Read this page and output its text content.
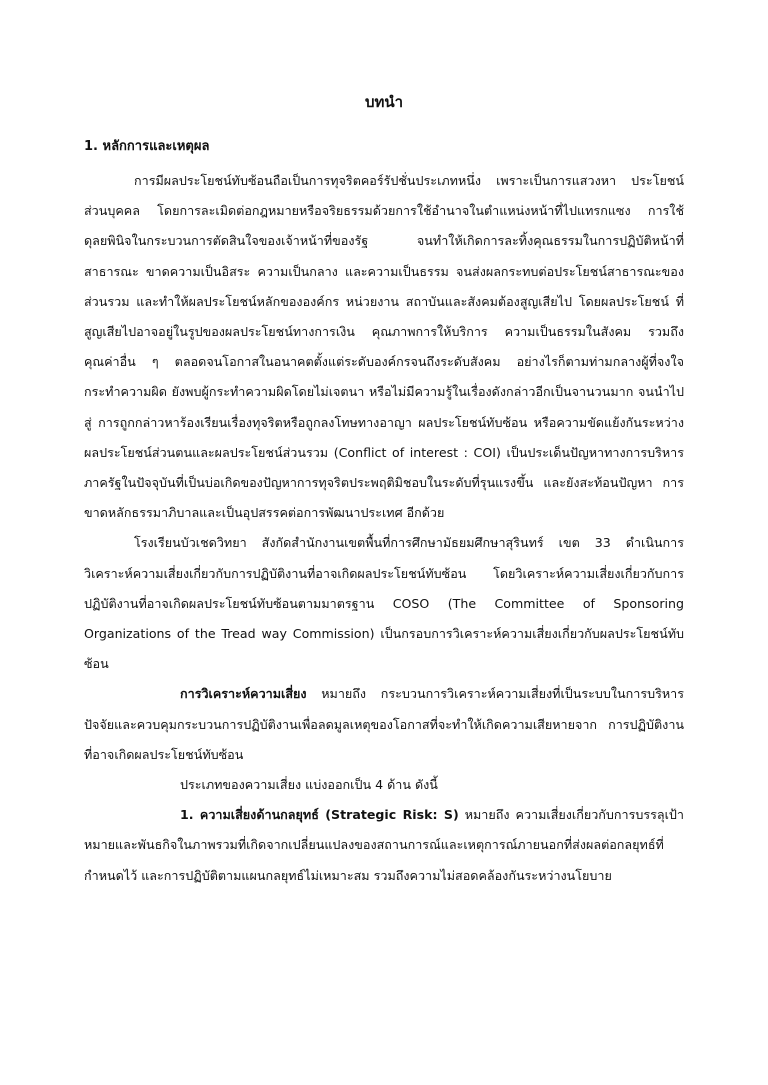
บทนำ
1. หลักการและเหตุผล

การมีผลประโยชน์ทับซ้อนถือเป็นการทุจริตคอร์รัปชั่นประเภทหนึ่ง เพราะเป็นการแสวงหา ประโยชน์ส่วนบุคคล โดยการละเมิดต่อกฎหมายหรือจริยธรรมด้วยการใช้อำนาจในตำแหน่งหน้าที่ไปแทรกแซง การใช้ดุลยพินิจในกระบวนการตัดสินใจของเจ้าหน้าที่ของรัฐ จนทำให้เกิดการละทิ้งคุณธรรมในการปฏิบัติหน้าที่สาธารณะ ขาดความเป็นอิสระ ความเป็นกลาง และความเป็นธรรม จนส่งผลกระทบต่อประโยชน์สาธารณะของส่วนรวม และทำให้ผลประโยชน์หลักขององค์กร หน่วยงาน สถาบันและสังคมต้องสูญเสียไป โดยผลประโยชน์ ที่สูญเสียไปอาจอยู่ในรูปของผลประโยชน์ทางการเงิน คุณภาพการให้บริการ ความเป็นธรรมในสังคม รวมถึง คุณค่าอื่น ๆ ตลอดจนโอกาสในอนาคตตั้งแต่ระดับองค์กรจนถึงระดับสังคม อย่างไรก็ตามท่ามกลางผู้ที่จงใจกระทำความผิด ยังพบผู้กระทำความผิดโดยไม่เจตนา หรือไม่มีความรู้ในเรื่องดังกล่าวอีกเป็นจานวนมาก จนนำไปสู่ การถูกกล่าวหาร้องเรียนเรื่องทุจริตหรือถูกลงโทษทางอาญา ผลประโยชน์ทับซ้อน หรือความขัดแย้งกันระหว่างผลประโยชน์ส่วนตนและผลประโยชน์ส่วนรวม (Conflict of interest : COI) เป็นประเด็นปัญหาทางการบริหารภาครัฐในปัจจุบันที่เป็นบ่อเกิดของปัญหาการทุจริตประพฤติมิชอบในระดับที่รุนแรงขึ้น และยังสะท้อนปัญหา การขาดหลักธรรมาภิบาลและเป็นอุปสรรคต่อการพัฒนาประเทศ อีกด้วย

โรงเรียนบัวเชดวิทยา สังกัดสำนักงานเขตพื้นที่การศึกษามัธยมศึกษาสุรินทร์ เขต 33 ดำเนินการวิเคราะห์ความเสี่ยงเกี่ยวกับการปฏิบัติงานที่อาจเกิดผลประโยชน์ทับซ้อน โดยวิเคราะห์ความเสี่ยงเกี่ยวกับการปฏิบัติงานที่อาจเกิดผลประโยชน์ทับซ้อนตามมาตรฐาน COSO (The Committee of Sponsoring Organizations of the Tread way Commission) เป็นกรอบการวิเคราะห์ความเสี่ยงเกี่ยวกับผลประโยชน์ทับซ้อน

การวิเคราะห์ความเสี่ยง หมายถึง กระบวนการวิเคราะห์ความเสี่ยงที่เป็นระบบในการบริหารปัจจัยและควบคุมกระบวนการปฏิบัติงานเพื่อลดมูลเหตุของโอกาสที่จะทำให้เกิดความเสียหายจาก การปฏิบัติงานที่อาจเกิดผลประโยชน์ทับซ้อน

ประเภทของความเสี่ยง แบ่งออกเป็น 4 ด้าน ดังนี้

1. ความเสี่ยงด้านกลยุทธ์ (Strategic Risk: S) หมายถึง ความเสี่ยงเกี่ยวกับการบรรลุเป้าหมายและพันธกิจในภาพรวมที่เกิดจากเปลี่ยนแปลงของสถานการณ์และเหตุการณ์ภายนอกที่ส่งผลต่อกลยุทธ์ที่กำหนดไว้ และการปฏิบัติตามแผนกลยุทธ์ไม่เหมาะสม รวมถึงความไม่สอดคล้องกันระหว่างนโยบาย
